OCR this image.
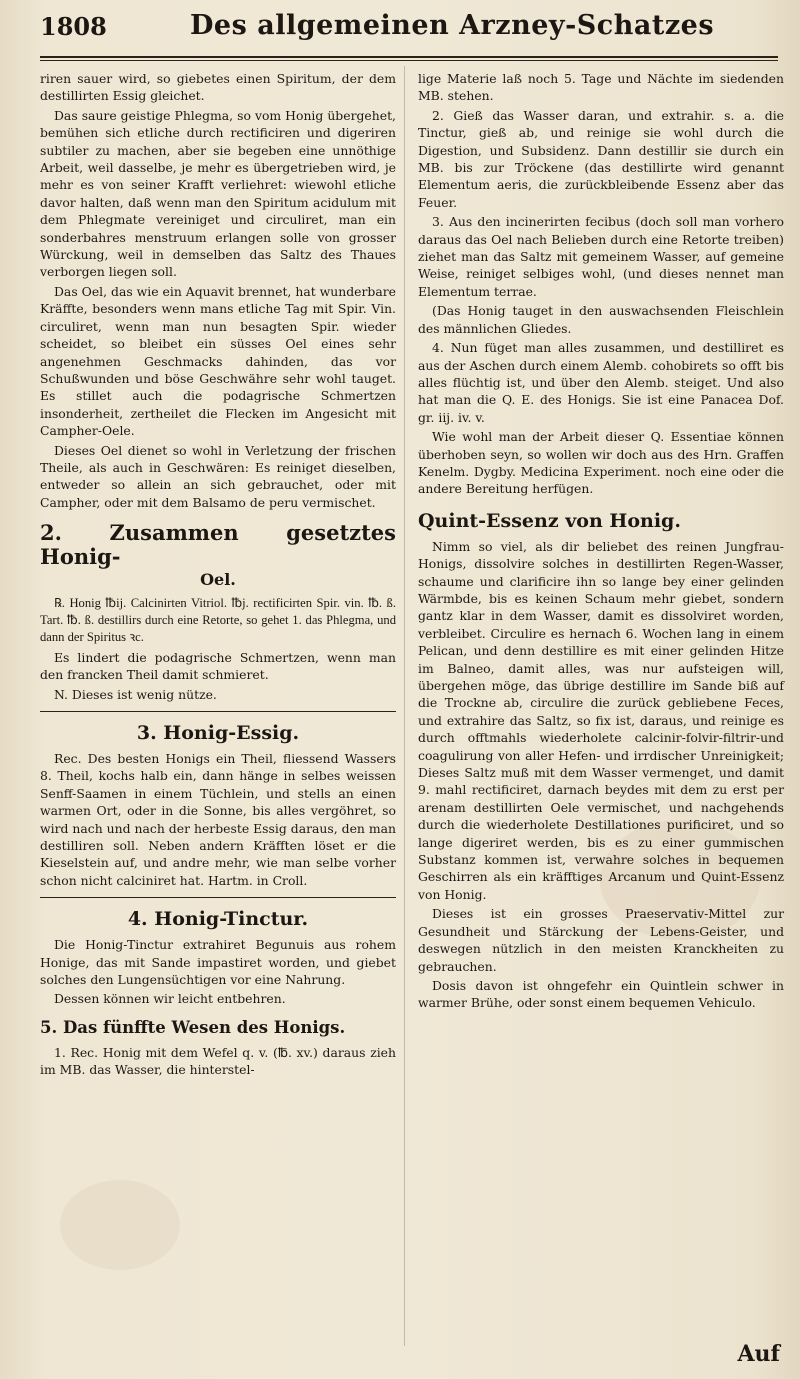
1808	Des allgemeinen Arzney-Schatzes

riren sauer wird, so giebetes einen Spiritum, der dem destillirten Essig gleichet.

Das saure geistige Phlegma, so vom Honig übergehet, bemühen sich etliche durch rectificiren und digeriren subtiler zu machen, aber sie begeben eine unnöthige Arbeit, weil dasselbe, je mehr es übergetrieben wird, je mehr es von seiner Krafft verliehret: wiewohl etliche davor halten, daß wenn man den Spiritum acidulum mit dem Phlegmate vereiniget und circuliret, man ein sonderbahres menstruum erlangen solle von grosser Würckung, weil in demselben das Saltz des Thaues verborgen liegen soll.

Das Oel, das wie ein Aquavit brennet, hat wunderbare Kräffte, besonders wenn mans etliche Tag mit Spir. Vin. circuliret, wenn man nun besagten Spir. wieder scheidet, so bleibet ein süsses Oel eines sehr angenehmen Geschmacks dahinden, das vor Schußwunden und böse Geschwähre sehr wohl tauget. Es stillet auch die podagrische Schmertzen insonderheit, zertheilet die Flecken im Angesicht mit Campher-Oele.

Dieses Oel dienet so wohl in Verletzung der frischen Theile, als auch in Geschwären: Es reiniget dieselben, entweder so allein an sich gebrauchet, oder mit Campher, oder mit dem Balsamo de peru vermischet.

2. Zusammen gesetztes Honig-
Oel.

℞. Honig ℔ij. Calcinirten Vitriol. ℔j. rectificirten Spir. vin. ℔. ß. Tart. ℔. ß. destillirs durch eine Retorte, so gehet 1. das Phlegma, und dann der Spiritus ꝛc.

Es lindert die podagrische Schmertzen, wenn man den francken Theil damit schmieret.

N. Dieses ist wenig nütze.

3. Honig-Essig.

Rec. Des besten Honigs ein Theil, fliessend Wassers 8. Theil, kochs halb ein, dann hänge in selbes weissen Senff-Saamen in einem Tüchlein, und stells an einen warmen Ort, oder in die Sonne, bis alles vergöhret, so wird nach und nach der herbeste Essig daraus, den man destilliren soll. Neben andern Kräfften löset er die Kieselstein auf, und andre mehr, wie man selbe vorher schon nicht calciniret hat. Hartm. in Croll.

4. Honig-Tinctur.

Die Honig-Tinctur extrahiret Begunuis aus rohem Honige, das mit Sande impastiret worden, und giebet solches den Lungensüchtigen vor eine Nahrung.

Dessen können wir leicht entbehren.

5. Das fünffte Wesen des Honigs.

1. Rec. Honig mit dem Wefel q. v. (℔. xv.) daraus zieh im MB. das Wasser, die hinterstel-

lige Materie laß noch 5. Tage und Nächte im siedenden MB. stehen.

2. Gieß das Wasser daran, und extrahir. s. a. die Tinctur, gieß ab, und reinige sie wohl durch die Digestion, und Subsidenz. Dann destillir sie durch ein MB. bis zur Tröckene (das destillirte wird genannt Elementum aeris, die zurückbleibende Essenz aber das Feuer.

3. Aus den incinerirten fecibus (doch soll man vorhero daraus das Oel nach Belieben durch eine Retorte treiben) ziehet man das Saltz mit gemeinem Wasser, auf gemeine Weise, reiniget selbiges wohl, (und dieses nennet man Elementum terrae.

(Das Honig tauget in den auswachsenden Fleischlein des männlichen Gliedes.

4. Nun füget man alles zusammen, und destilliret es aus der Aschen durch einem Alemb. cohobirets so offt bis alles flüchtig ist, und über den Alemb. steiget. Und also hat man die Q. E. des Honigs. Sie ist eine Panacea Dof. gr. iij. iv. v.

Wie wohl man der Arbeit dieser Q. Essentiae können überhoben seyn, so wollen wir doch aus des Hrn. Graffen Kenelm. Dygby. Medicina Experiment. noch eine oder die andere Bereitung herfügen.

Quint-Essenz von Honig.

Nimm so viel, als dir beliebet des reinen Jungfrau-Honigs, dissolvire solches in destillirten Regen-Wasser, schaume und clarificire ihn so lange bey einer gelinden Wärmbde, bis es keinen Schaum mehr giebet, sondern gantz klar in dem Wasser, damit es dissolviret worden, verbleibet. Circulire es hernach 6. Wochen lang in einem Pelican, und denn destillire es mit einer gelinden Hitze im Balneo, damit alles, was nur aufsteigen will, übergehen möge, das übrige destillire im Sande biß auf die Trockne ab, circulire die zurück gebliebene Feces, und extrahire das Saltz, so fix ist, daraus, und reinige es durch offtmahls wiederholete calcinir-folvir-filtrir-und coagulirung von aller Hefen- und irrdischer Unreinigkeit; Dieses Saltz muß mit dem Wasser vermenget, und damit 9. mahl rectificiret, darnach beydes mit dem zu erst per arenam destillirten Oele vermischet, und nachgehends durch die wiederholete Destillationes purificiret, und so lange digeriret werden, bis es zu einer gummischen Substanz kommen ist, verwahre solches in bequemen Geschirren als ein kräfftiges Arcanum und Quint-Essenz von Honig.

Dieses ist ein grosses Praeservativ-Mittel zur Gesundheit und Stärckung der Lebens-Geister, und deswegen nützlich in den meisten Kranckheiten zu gebrauchen.

Dosis davon ist ohngefehr ein Quintlein schwer in warmer Brühe, oder sonst einem bequemen Vehiculo.

Auf
